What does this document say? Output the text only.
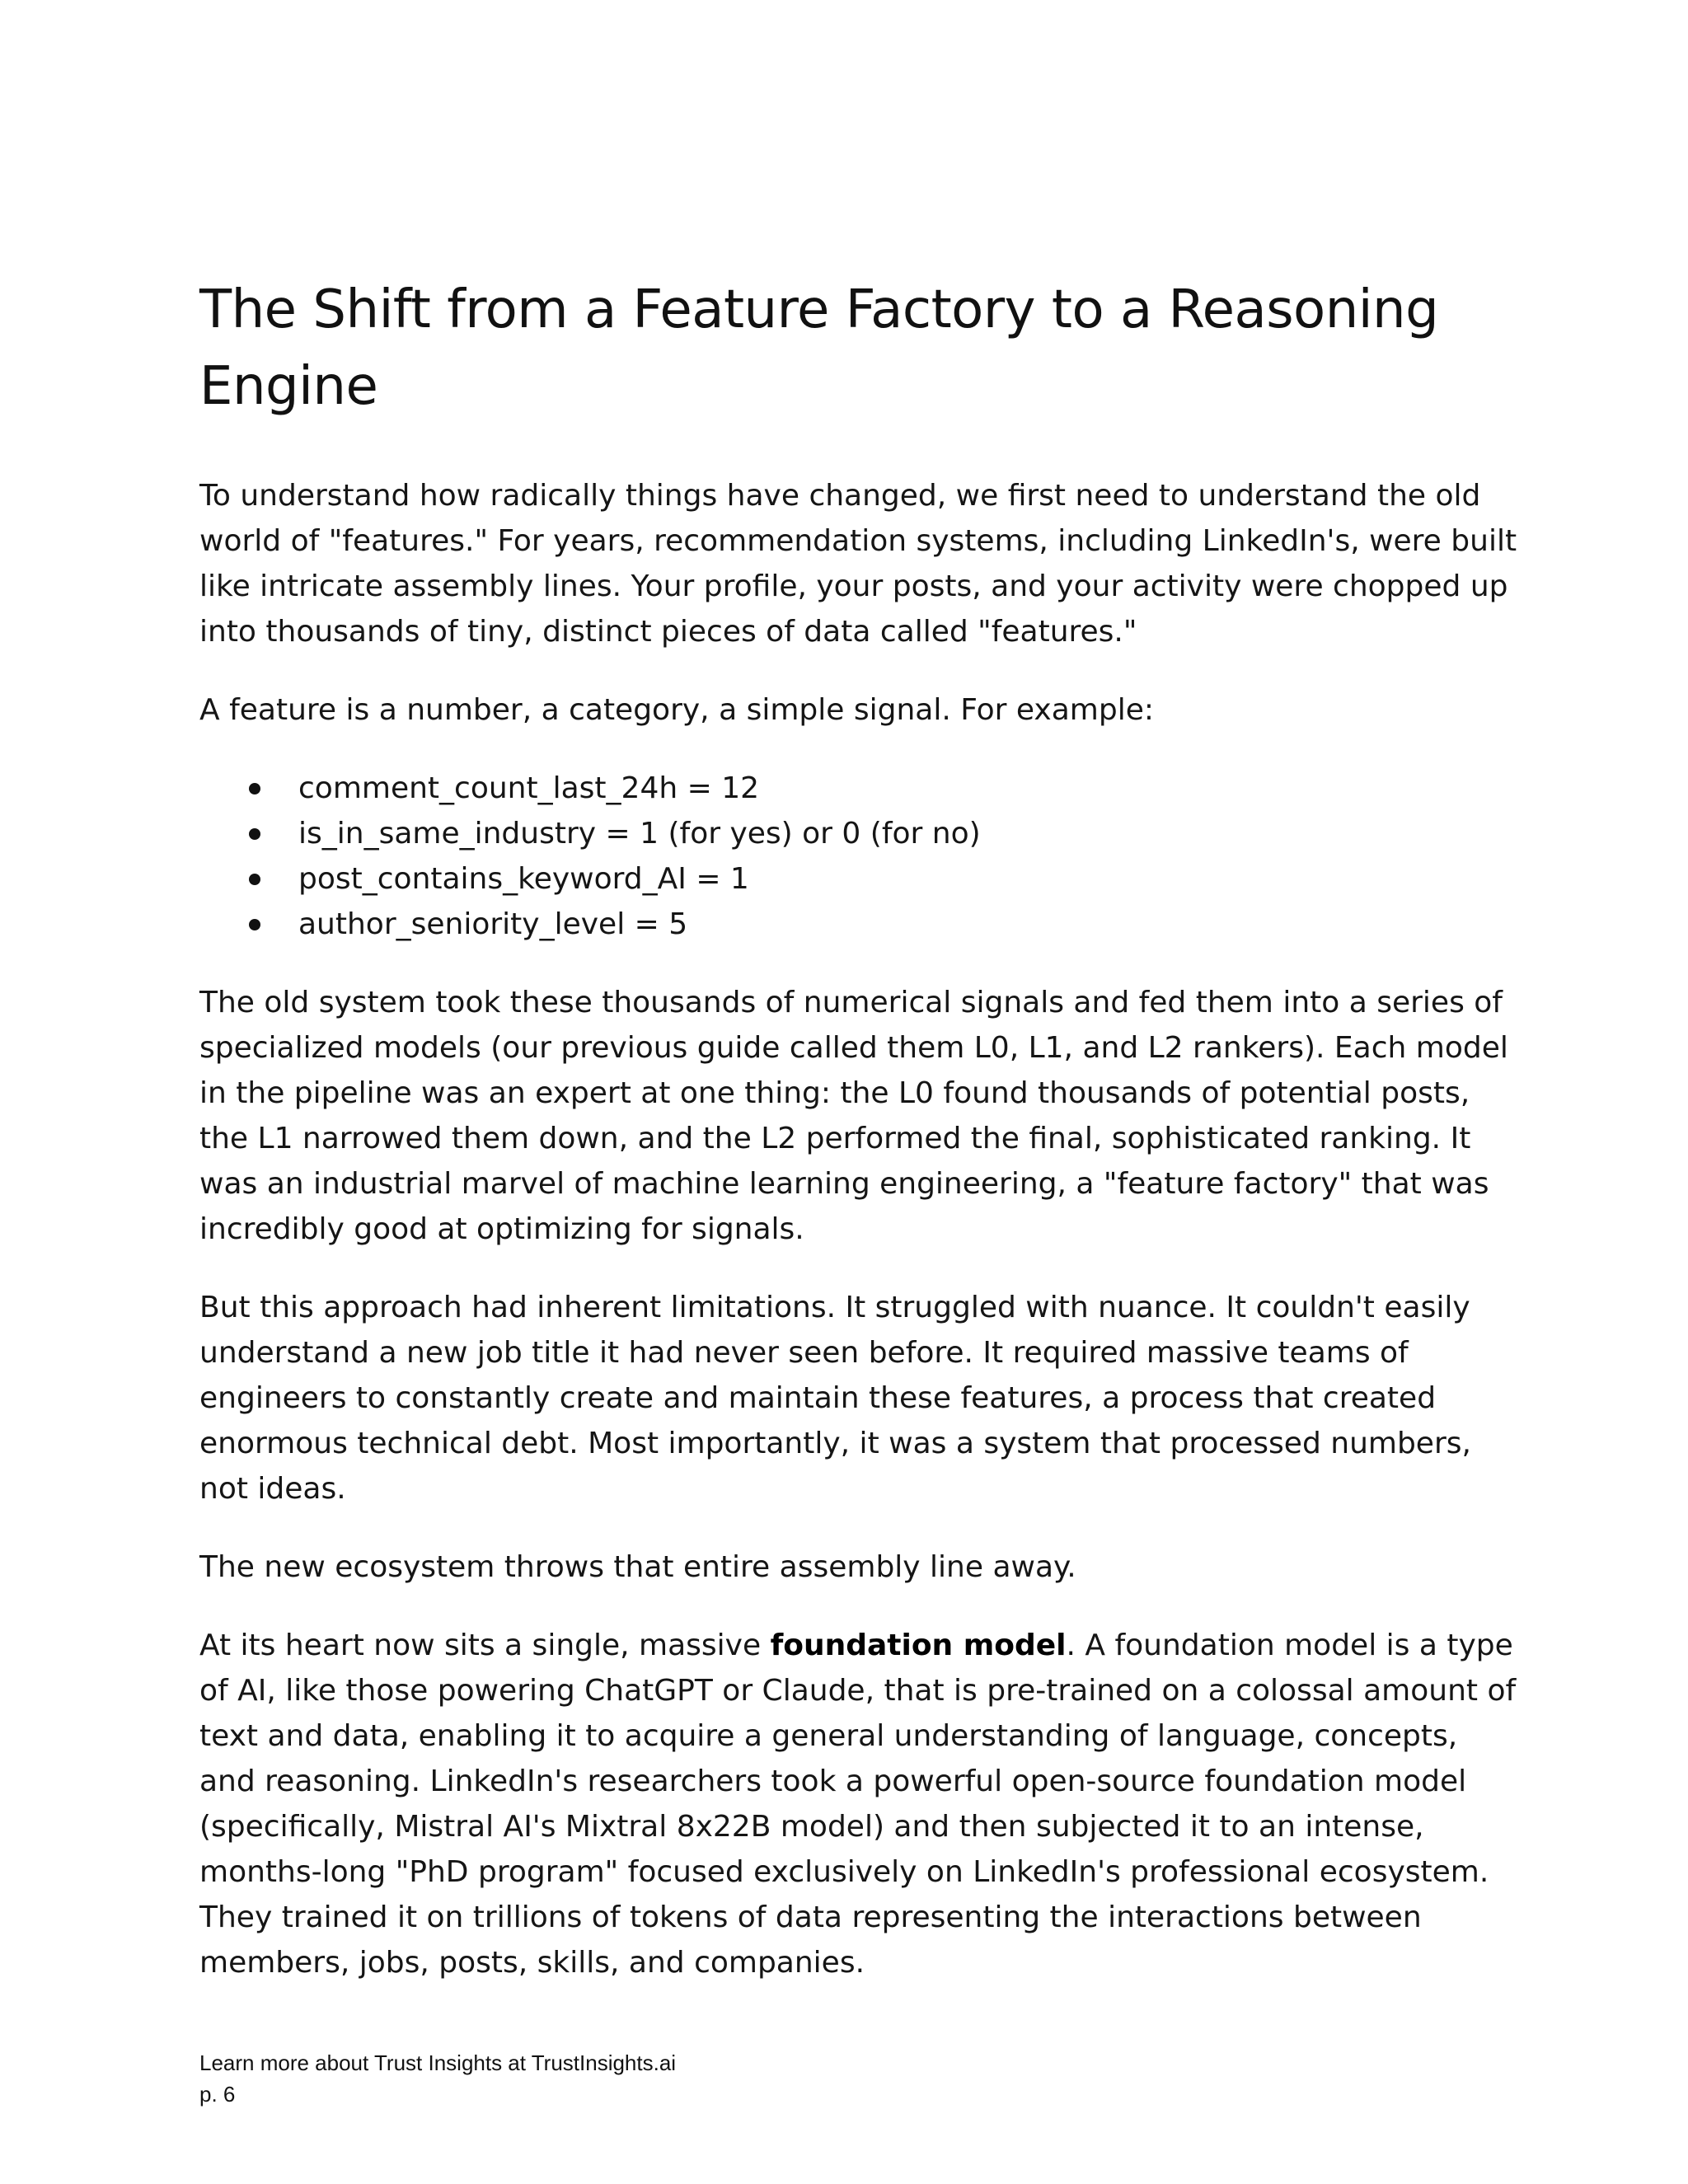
The Shift from a Feature Factory to a Reasoning Engine

To understand how radically things have changed, we first need to understand the old world of "features." For years, recommendation systems, including LinkedIn's, were built like intricate assembly lines. Your profile, your posts, and your activity were chopped up into thousands of tiny, distinct pieces of data called "features."

A feature is a number, a category, a simple signal. For example:

comment_count_last_24h = 12
is_in_same_industry = 1 (for yes) or 0 (for no)
post_contains_keyword_AI = 1
author_seniority_level = 5

The old system took these thousands of numerical signals and fed them into a series of specialized models (our previous guide called them L0, L1, and L2 rankers). Each model in the pipeline was an expert at one thing: the L0 found thousands of potential posts, the L1 narrowed them down, and the L2 performed the final, sophisticated ranking. It was an industrial marvel of machine learning engineering, a "feature factory" that was incredibly good at optimizing for signals.

But this approach had inherent limitations. It struggled with nuance. It couldn't easily understand a new job title it had never seen before. It required massive teams of engineers to constantly create and maintain these features, a process that created enormous technical debt. Most importantly, it was a system that processed numbers, not ideas.

The new ecosystem throws that entire assembly line away.

At its heart now sits a single, massive foundation model. A foundation model is a type of AI, like those powering ChatGPT or Claude, that is pre-trained on a colossal amount of text and data, enabling it to acquire a general understanding of language, concepts, and reasoning. LinkedIn's researchers took a powerful open-source foundation model (specifically, Mistral AI's Mixtral 8x22B model) and then subjected it to an intense, months-long "PhD program" focused exclusively on LinkedIn's professional ecosystem. They trained it on trillions of tokens of data representing the interactions between members, jobs, posts, skills, and companies.

Learn more about Trust Insights at TrustInsights.ai
p. 6
